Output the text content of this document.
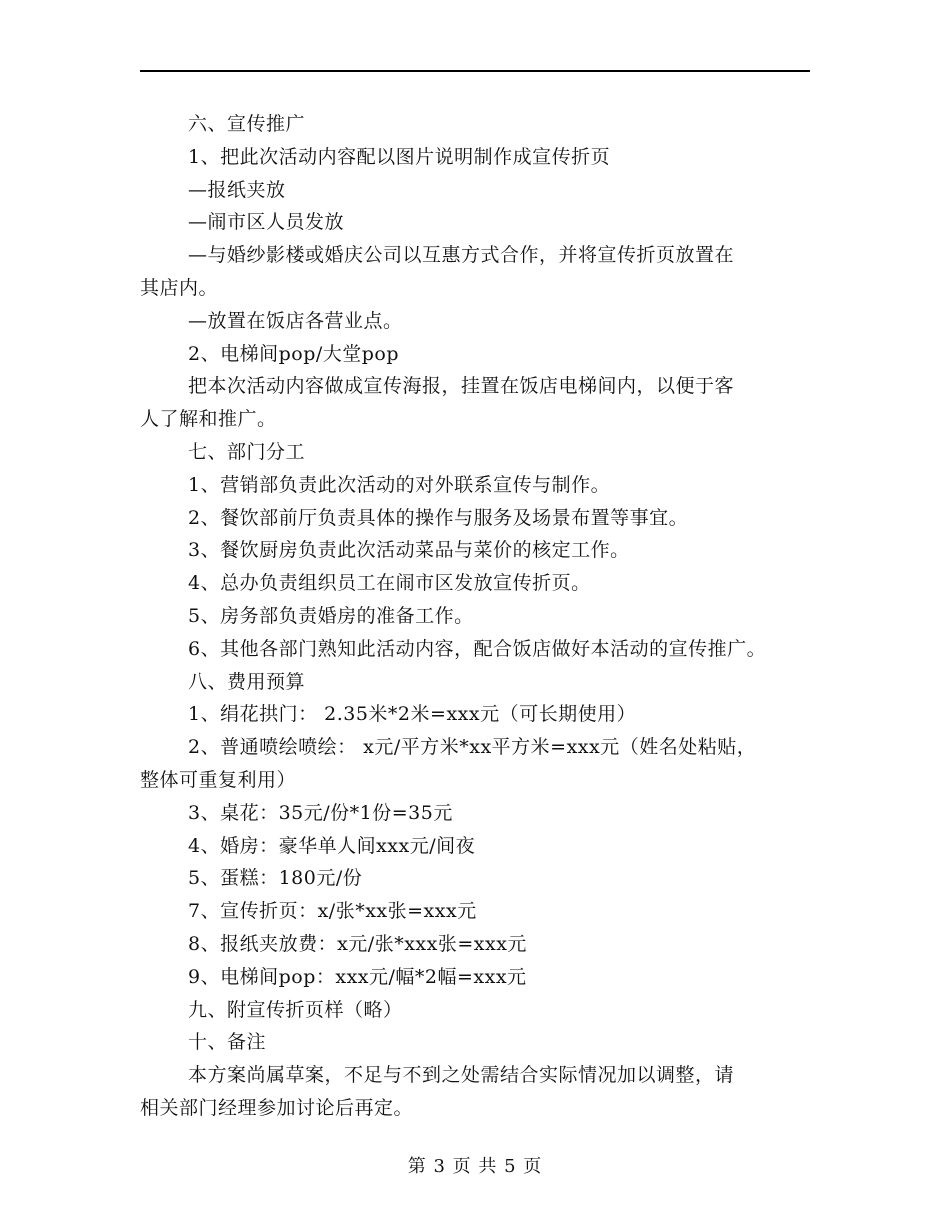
六、宣传推广
1、把此次活动内容配以图片说明制作成宣传折页
—报纸夹放
—闹市区人员发放
—与婚纱影楼或婚庆公司以互惠方式合作，并将宣传折页放置在
其店内。
—放置在饭店各营业点。
2、电梯间pop/大堂pop
把本次活动内容做成宣传海报，挂置在饭店电梯间内，以便于客
人了解和推广。
七、部门分工
1、营销部负责此次活动的对外联系宣传与制作。
2、餐饮部前厅负责具体的操作与服务及场景布置等事宜。
3、餐饮厨房负责此次活动菜品与菜价的核定工作。
4、总办负责组织员工在闹市区发放宣传折页。
5、房务部负责婚房的准备工作。
6、其他各部门熟知此活动内容，配合饭店做好本活动的宣传推广。
八、费用预算
1、绢花拱门： 2.35米*2米=xxx元（可长期使用）
2、普通喷绘喷绘： x元/平方米*xx平方米=xxx元（姓名处粘贴，
整体可重复利用）
3、桌花：35元/份*1份=35元
4、婚房：豪华单人间xxx元/间夜
5、蛋糕：180元/份
7、宣传折页：x/张*xx张=xxx元
8、报纸夹放费：x元/张*xxx张=xxx元
9、电梯间pop：xxx元/幅*2幅=xxx元
九、附宣传折页样（略）
十、备注
本方案尚属草案，不足与不到之处需结合实际情况加以调整，请
相关部门经理参加讨论后再定。
第 3 页 共 5 页
